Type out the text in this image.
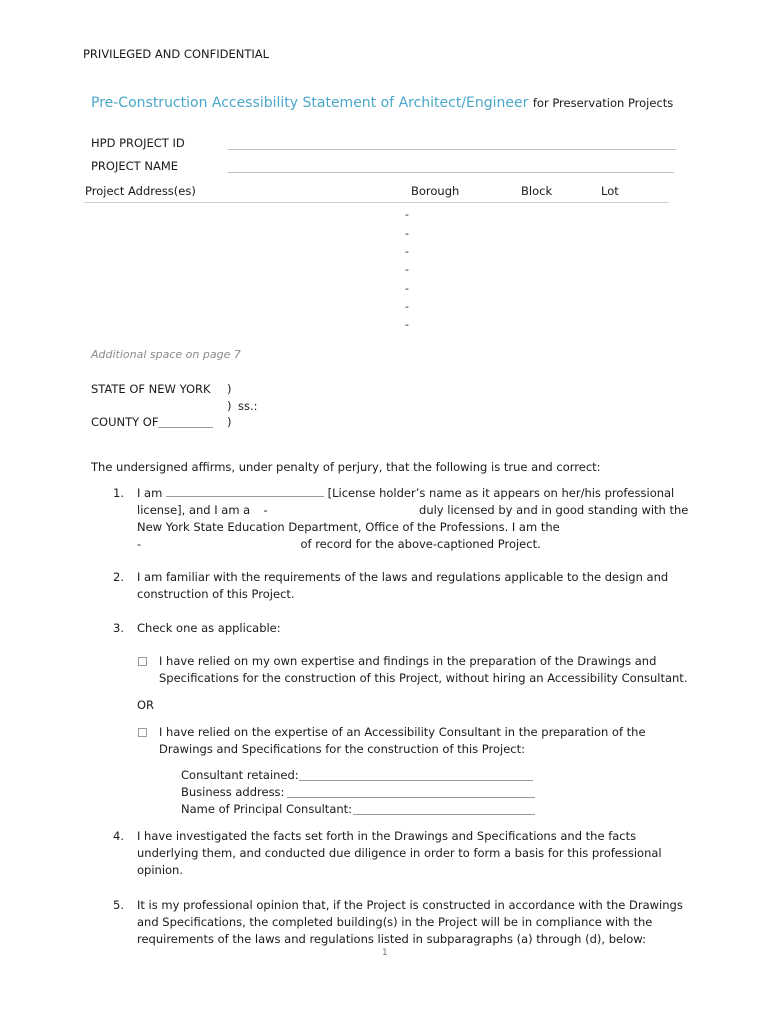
PRIVILEGED AND CONFIDENTIAL
Pre-Construction Accessibility Statement of Architect/Engineer for Preservation Projects
HPD PROJECT ID
PROJECT NAME
Project Address(es)	Borough	Block	Lot
-
-
-
-
-
-
-
Additional space on page 7
STATE OF NEW YORK )
) ss.:
COUNTY OF	)
The undersigned affirms, under penalty of perjury, that the following is true and correct:
1. I am	[License holder’s name as it appears on her/his professional
license], and I am a -	duly licensed by and in good standing with the
New York State Education Department, Office of the Professions. I am the
-	of record for the above-captioned Project.
2. I am familiar with the requirements of the laws and regulations applicable to the design and
construction of this Project.
3. Check one as applicable:
I have relied on my own expertise and findings in the preparation of the Drawings and
Specifications for the construction of this Project, without hiring an Accessibility Consultant.
OR
I have relied on the expertise of an Accessibility Consultant in the preparation of the
Drawings and Specifications for the construction of this Project:
Consultant retained:
Business address:
Name of Principal Consultant:
4. I have investigated the facts set forth in the Drawings and Specifications and the facts
underlying them, and conducted due diligence in order to form a basis for this professional
opinion.
5. It is my professional opinion that, if the Project is constructed in accordance with the Drawings
and Specifications, the completed building(s) in the Project will be in compliance with the
requirements of the laws and regulations listed in subparagraphs (a) through (d), below:
1
